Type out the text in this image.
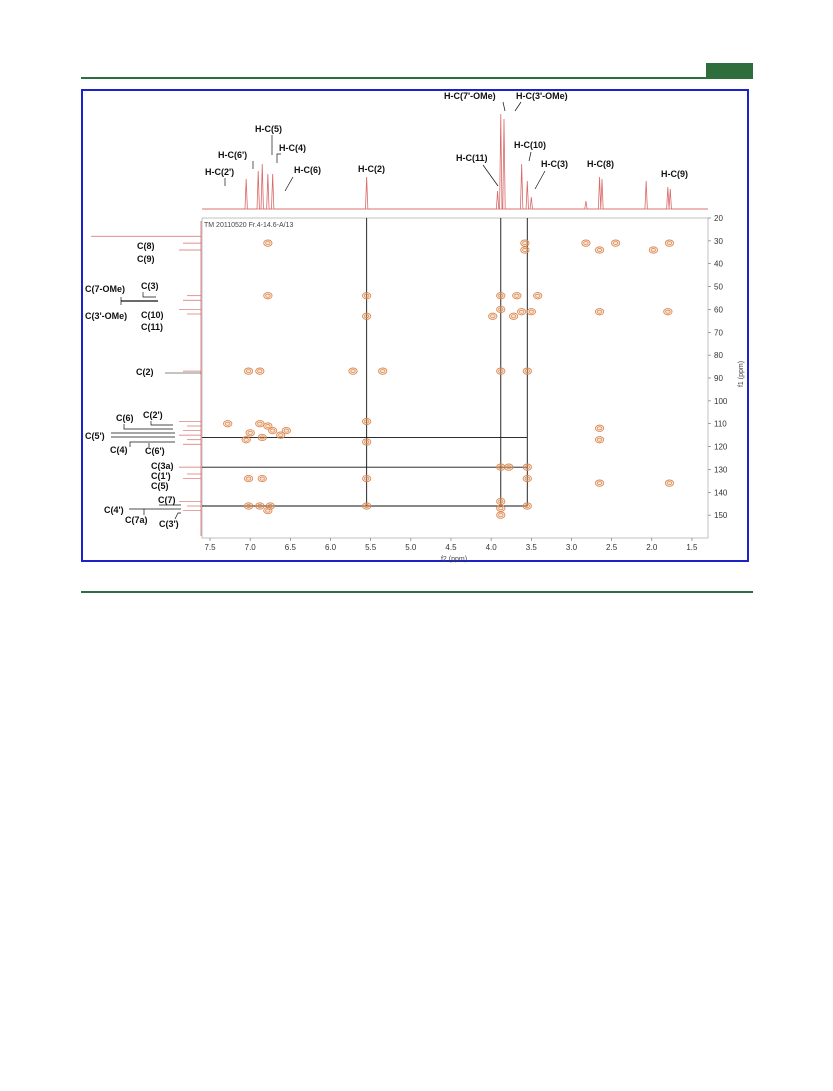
TM 20110520 Fr.4-14.6-A/13
7.5	7.0	6.5	6.0	5.5	5.0	4.5	4.0	3.5	3.0	2.5	2.0	1.5
20
30
40
50
60
70
80
90
100
110
120
130
140
150
f2 (ppm)
f1 (ppm)
H-C(2')
H-C(6')
H-C(5)
H-C(4)
H-C(6)	H-C(2)
H-C(11)
H-C(7'-OMe) H-C(3'-OMe)
H-C(10)
H-C(3) H-C(8)
H-C(9)
C(8)
C(9)
C(3)
C(7-OMe)
C(3'-OMe) C(10)
C(11)
C(2)
C(2')
C(6)
C(5')
C(4) C(6')
C(3a)
C(1')
C(5)
C(7)
C(4')
C(7a) C(3')
